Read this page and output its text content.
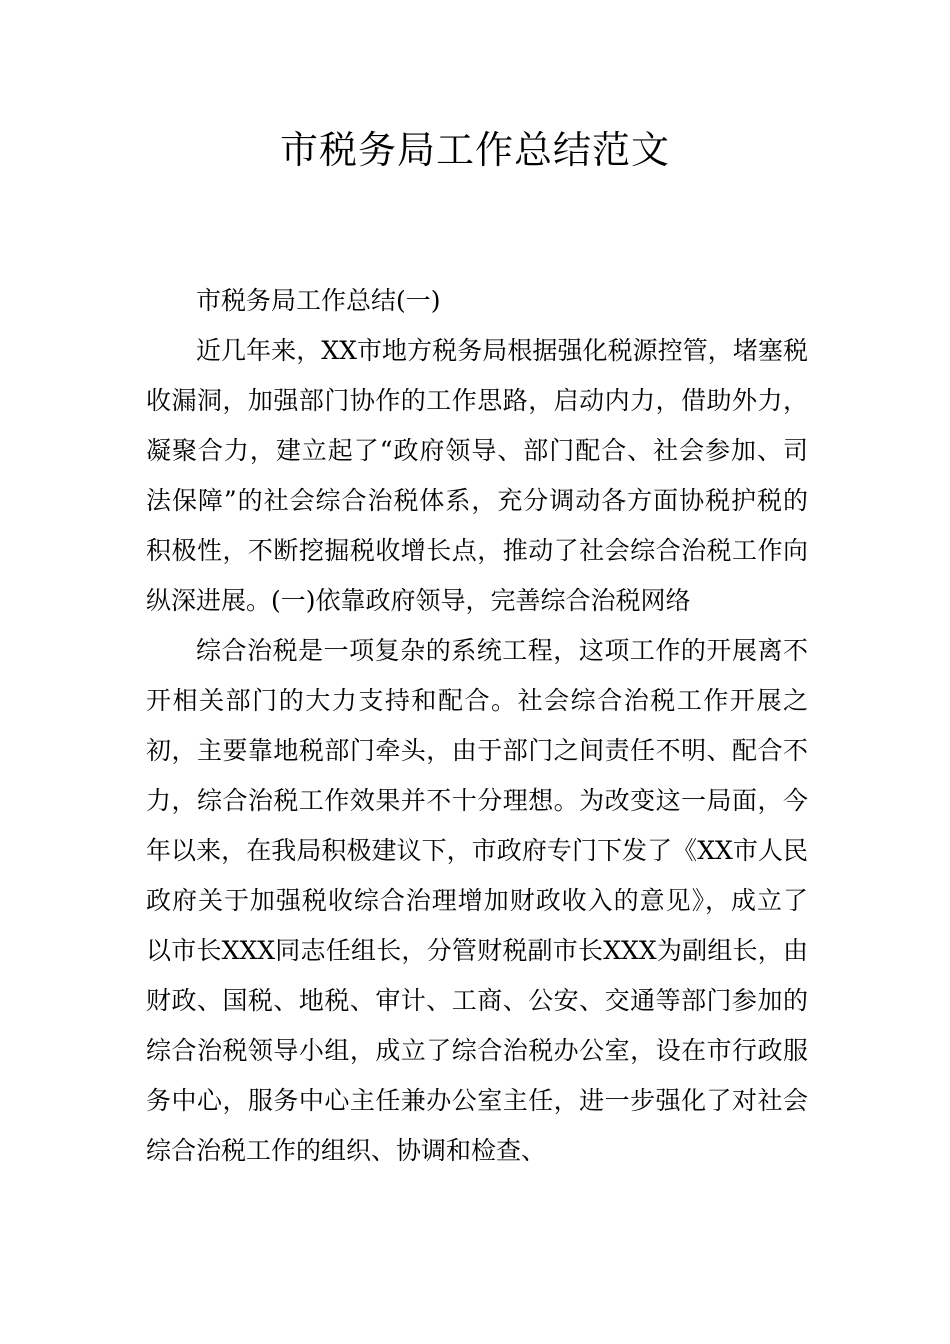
市税务局工作总结范文

市税务局工作总结(一)

近几年来，XX市地方税务局根据强化税源控管，堵塞税收漏洞，加强部门协作的工作思路，启动内力，借助外力，凝聚合力，建立起了“政府领导、部门配合、社会参加、司法保障”的社会综合治税体系，充分调动各方面协税护税的积极性，不断挖掘税收增长点，推动了社会综合治税工作向纵深进展。(一)依靠政府领导，完善综合治税网络

综合治税是一项复杂的系统工程，这项工作的开展离不开相关部门的大力支持和配合。社会综合治税工作开展之初，主要靠地税部门牵头，由于部门之间责任不明、配合不力，综合治税工作效果并不十分理想。为改变这一局面，今年以来，在我局积极建议下，市政府专门下发了《XX市人民政府关于加强税收综合治理增加财政收入的意见》，成立了以市长XXX同志任组长，分管财税副市长XXX为副组长，由财政、国税、地税、审计、工商、公安、交通等部门参加的综合治税领导小组，成立了综合治税办公室，设在市行政服务中心，服务中心主任兼办公室主任，进一步强化了对社会综合治税工作的组织、协调和检查、
